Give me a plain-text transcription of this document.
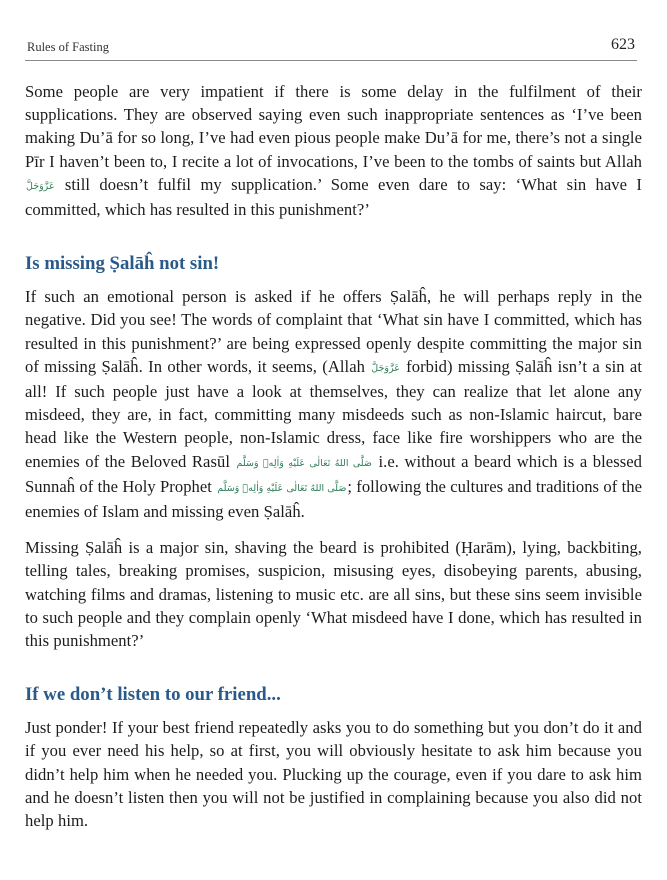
Rules of Fasting	623

Some people are very impatient if there is some delay in the fulfilment of their supplications. They are observed saying even such inappropriate sentences as ‘I’ve been making Du’ā for so long, I’ve had even pious people make Du’ā for me, there’s not a single Pīr I haven’t been to, I recite a lot of invocations, I’ve been to the tombs of saints but Allah عَزَّوَجَلَّ still doesn’t fulfil my supplication.’ Some even dare to say: ‘What sin have I committed, which has resulted in this punishment?’

Is missing Ṣalāĥ not sin!

If such an emotional person is asked if he offers Ṣalāĥ, he will perhaps reply in the negative. Did you see! The words of complaint that ‘What sin have I committed, which has resulted in this punishment?’ are being expressed openly despite committing the major sin of missing Ṣalāĥ. In other words, it seems, (Allah عَزَّوَجَلَّ forbid) missing Ṣalāĥ isn’t a sin at all! If such people just have a look at themselves, they can realize that let alone any misdeed, they are, in fact, committing many misdeeds such as non-Islamic haircut, bare head like the Western people, non-Islamic dress, face like fire worshippers who are the enemies of the Beloved Rasūl صَلَّى اللهُ تَعَالٰى عَلَيْهِ وَاٰلِهٖ وَسَلَّم i.e. without a beard which is a blessed Sunnaĥ of the Holy Prophet صَلَّى اللهُ تَعَالٰى عَلَيْهِ وَاٰلِهٖ وَسَلَّم; following the cultures and traditions of the enemies of Islam and missing even Ṣalāĥ.

Missing Ṣalāĥ is a major sin, shaving the beard is prohibited (Ḥarām), lying, backbiting, telling tales, breaking promises, suspicion, misusing eyes, disobeying parents, abusing, watching films and dramas, listening to music etc. are all sins, but these sins seem invisible to such people and they complain openly ‘What misdeed have I done, which has resulted in this punishment?’

If we don’t listen to our friend...

Just ponder! If your best friend repeatedly asks you to do something but you don’t do it and if you ever need his help, so at first, you will obviously hesitate to ask him because you didn’t help him when he needed you. Plucking up the courage, even if you dare to ask him and he doesn’t listen then you will not be justified in complaining because you also did not help him.
